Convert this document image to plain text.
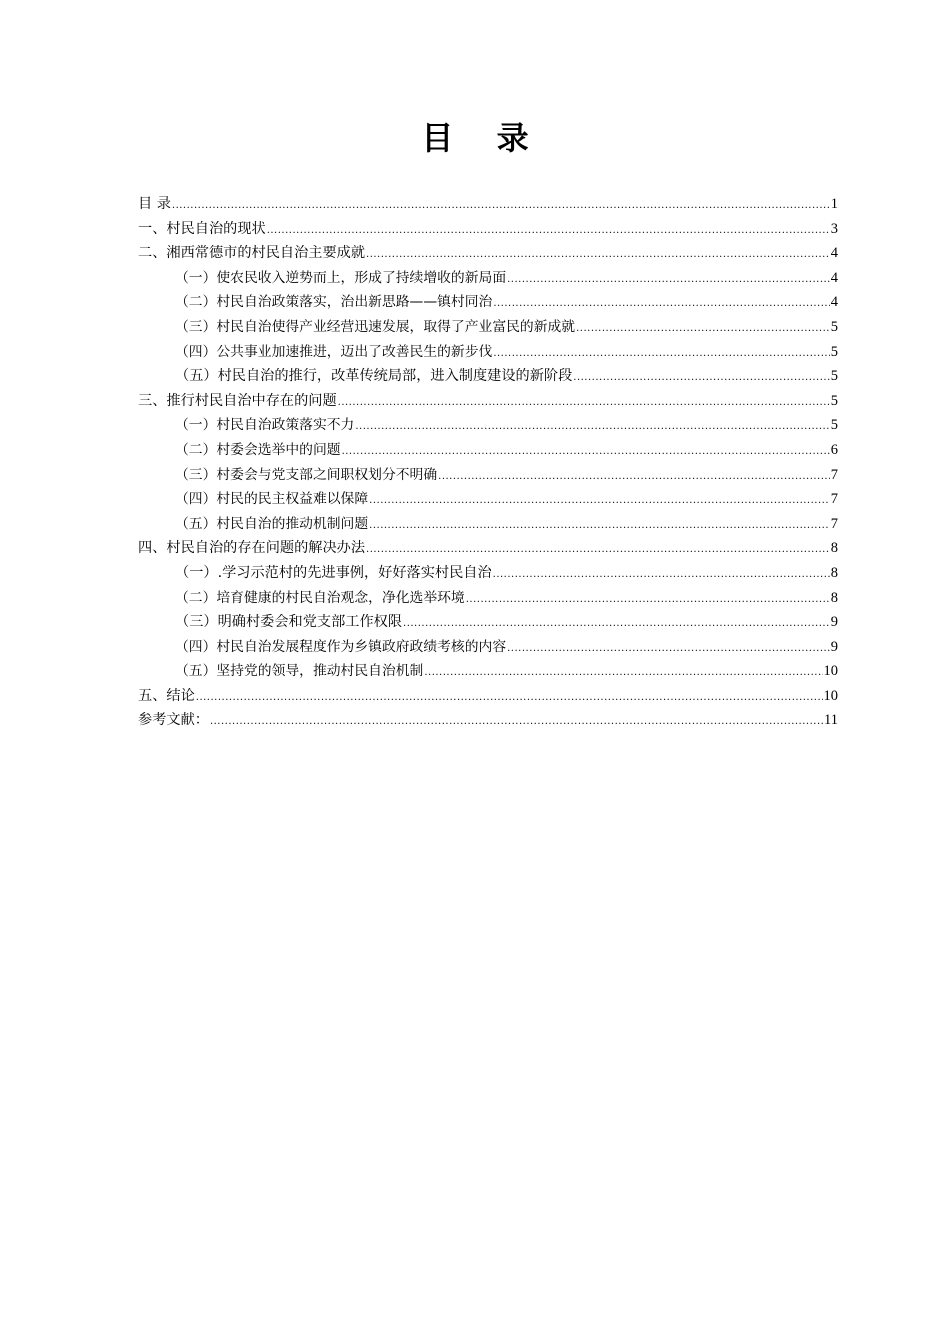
目 录
目 录 .....	1
一、村民自治的现状 .....	3
二、湘西常德市的村民自治主要成就 .....	4
（一）使农民收入逆势而上，形成了持续增收的新局面 .....	4
（二）村民自治政策落实，治出新思路——镇村同治 .....	4
（三）村民自治使得产业经营迅速发展，取得了产业富民的新成就 .....	5
（四）公共事业加速推进，迈出了改善民生的新步伐 .....	5
（五）村民自治的推行，改革传统局部，进入制度建设的新阶段 .....	5
三、推行村民自治中存在的问题 .....	5
（一）村民自治政策落实不力 .....	5
（二）村委会选举中的问题 .....	6
（三）村委会与党支部之间职权划分不明确 .....	7
（四）村民的民主权益难以保障 .....	7
（五）村民自治的推动机制问题 .....	7
四、村民自治的存在问题的解决办法 .....	8
（一）.学习示范村的先进事例，好好落实村民自治 .....	8
（二）培育健康的村民自治观念，净化选举环境 .....	8
（三）明确村委会和党支部工作权限 .....	9
（四）村民自治发展程度作为乡镇政府政绩考核的内容 .....	9
（五）坚持党的领导，推动村民自治机制 .....	10
五、结论 .....	10
参考文献： .....	11
